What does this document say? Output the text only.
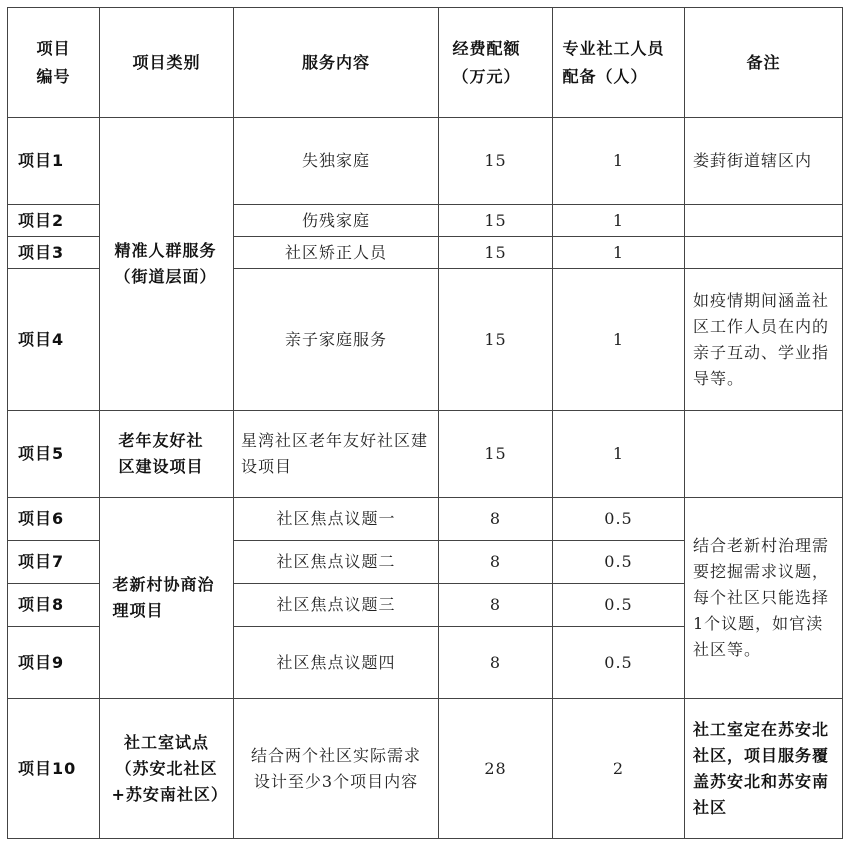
项目编号	项目类别	服务内容	经费配额（万元）	专业社工人员配备（人）	备注
项目1	精准人群服务（街道层面）	失独家庭	15	1	娄葑街道辖区内
项目2		伤残家庭	15	1	
项目3		社区矫正人员	15	1	
项目4		亲子家庭服务	15	1	如疫情期间涵盖社区工作人员在内的亲子互动、学业指导等。
项目5	老年友好社区建设项目	星湾社区老年友好社区建设项目	15	1	
项目6	老新村协商治理项目	社区焦点议题一	8	0.5	结合老新村治理需要挖掘需求议题，每个社区只能选择1个议题，如官渎社区等。
项目7		社区焦点议题二	8	0.5	
项目8		社区焦点议题三	8	0.5	
项目9		社区焦点议题四	8	0.5	
项目10	社工室试点（苏安北社区+苏安南社区）	结合两个社区实际需求设计至少3个项目内容	28	2	社工室定在苏安北社区，项目服务覆盖苏安北和苏安南社区
